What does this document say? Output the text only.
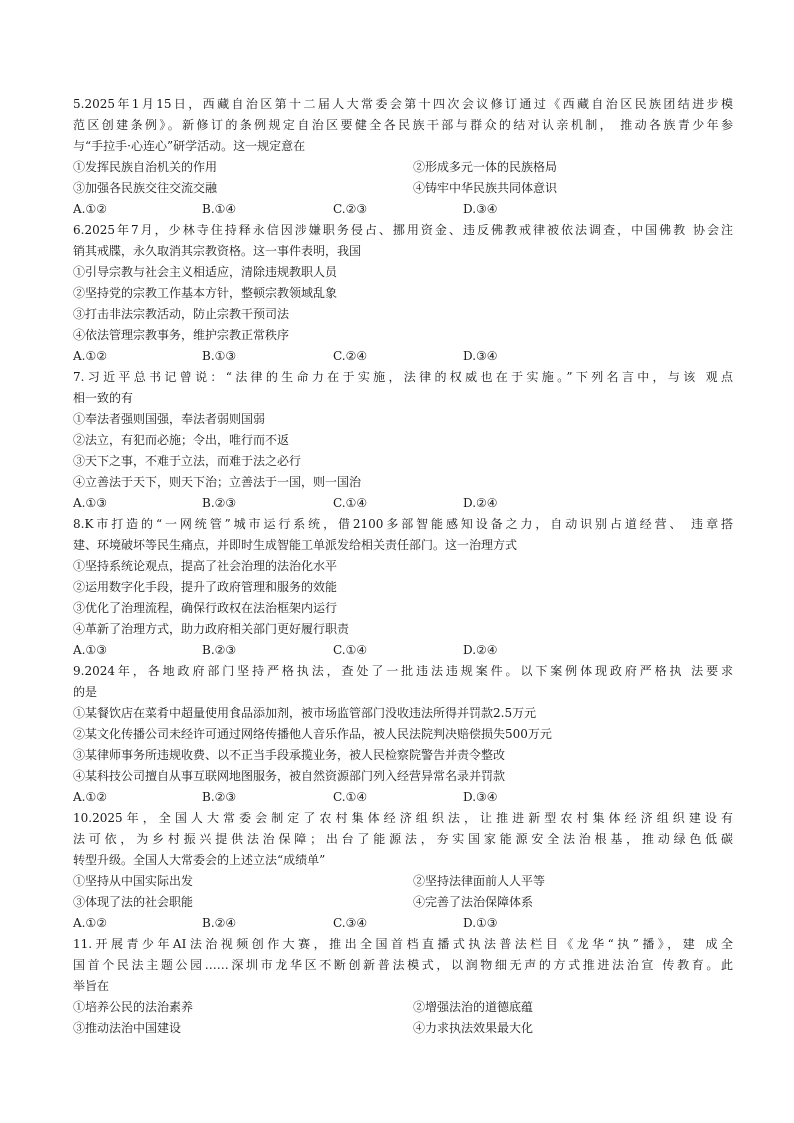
5.2025年1月15日，西藏自治区第十二届人大常委会第十四次会议修订通过《西藏自治区民族团结进步模
范区创建条例》。新修订的条例规定自治区要健全各民族干部与群众的结对认亲机制， 推动各族青少年参
与“手拉手·心连心”研学活动。这一规定意在
①发挥民族自治机关的作用	②形成多元一体的民族格局
③加强各民族交往交流交融	④铸牢中华民族共同体意识
A.①②	B.①④	C.②③	D.③④
6.2025年7月，少林寺住持释永信因涉嫌职务侵占、挪用资金、违反佛教戒律被依法调查，中国佛教 协会注
销其戒牒，永久取消其宗教资格。这一事件表明，我国
①引导宗教与社会主义相适应，清除违规教职人员
②坚持党的宗教工作基本方针，整顿宗教领域乱象
③打击非法宗教活动，防止宗教干预司法
④依法管理宗教事务，维护宗教正常秩序
A.①②	B.①③	C.②④	D.③④
7.习近平总书记曾说：“法律的生命力在于实施，法律的权威也在于实施。”下列名言中，与该 观点
相一致的有
①奉法者强则国强，奉法者弱则国弱
②法立，有犯而必施；令出，唯行而不返
③天下之事，不难于立法，而难于法之必行
④立善法于天下，则天下治；立善法于一国，则一国治
A.①③	B.②③	C.①④	D.②④
8.K市打造的“一网统管”城市运行系统，借2100多部智能感知设备之力，自动识别占道经营、 违章搭
建、环境破坏等民生痛点，并即时生成智能工单派发给相关责任部门。这一治理方式
①坚持系统论观点，提高了社会治理的法治化水平
②运用数字化手段，提升了政府管理和服务的效能
③优化了治理流程，确保行政权在法治框架内运行
④革新了治理方式，助力政府相关部门更好履行职责
A.①③	B.②③	C.①④	D.②④
9.2024年，各地政府部门坚持严格执法，查处了一批违法违规案件。以下案例体现政府严格执 法要求
的是
①某餐饮店在菜肴中超量使用食品添加剂，被市场监管部门没收违法所得并罚款2.5万元
②某文化传播公司未经许可通过网络传播他人音乐作品，被人民法院判决赔偿损失500万元
③某律师事务所违规收费、以不正当手段承揽业务，被人民检察院警告并责令整改
④某科技公司擅自从事互联网地图服务，被自然资源部门列入经营异常名录并罚款
A.①②	B.②③	C.①④	D.③④
10.2025年，全国人大常委会制定了农村集体经济组织法，让推进新型农村集体经济组织建设有
法可依，为乡村振兴提供法治保障；出台了能源法，夯实国家能源安全法治根基，推动绿色低碳
转型升级。全国人大常委会的上述立法“成绩单”
①坚持从中国实际出发	②坚持法律面前人人平等
③体现了法的社会职能	④完善了法治保障体系
A.①②	B.②④	C.③④	D.①③
11.开展青少年AI法治视频创作大赛，推出全国首档直播式执法普法栏目《龙华“执”播》，建 成全
国首个民法主题公园……深圳市龙华区不断创新普法模式，以润物细无声的方式推进法治宣 传教育。此
举旨在
①培养公民的法治素养	②增强法治的道德底蕴
③推动法治中国建设	④力求执法效果最大化
